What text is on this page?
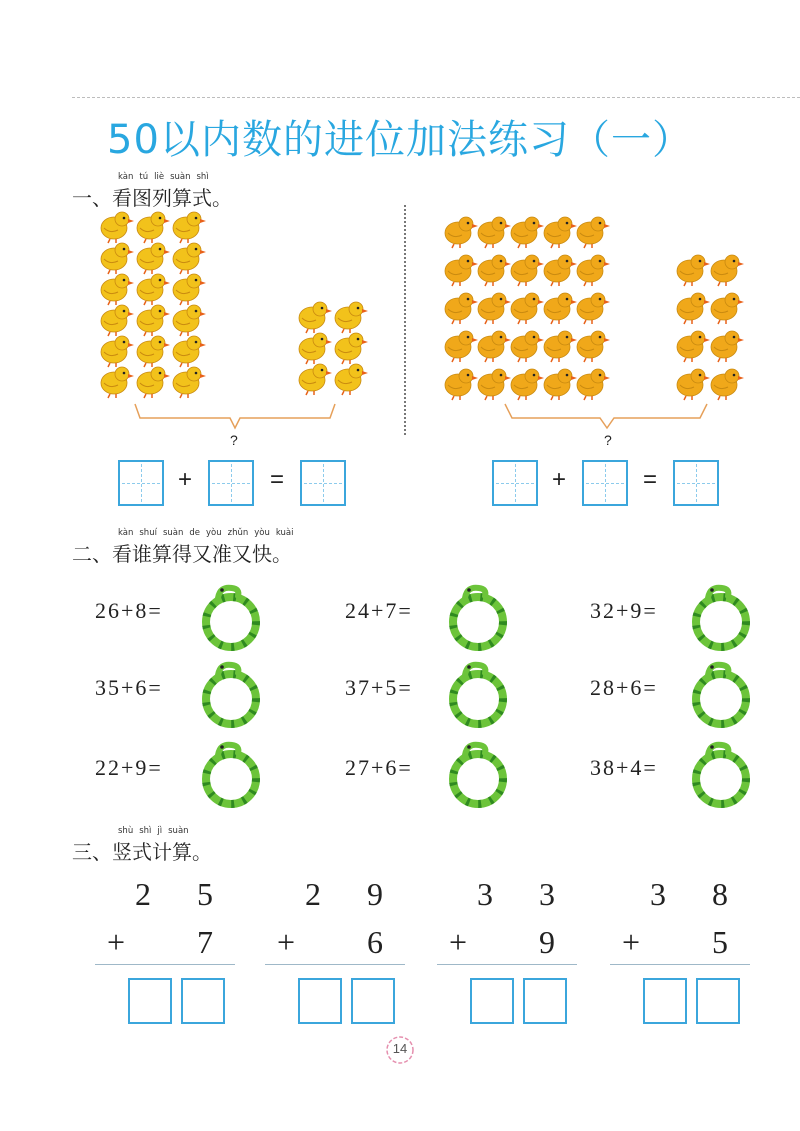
50以内数的进位加法练习（一）
kàn tú liè suàn shì
一、看图列算式。
?	?
+	=	+	=
kàn shuí suàn de yòu zhǔn yòu kuài
二、看谁算得又准又快。
26+8=	24+7=	32+9=
35+6=	37+5=	28+6=
22+9=	27+6=	38+4=
shù shì jì suàn
三、竖式计算。
2 5
+ 7
2 9
+ 6
3 3
+ 9
3 8
+ 5
14
